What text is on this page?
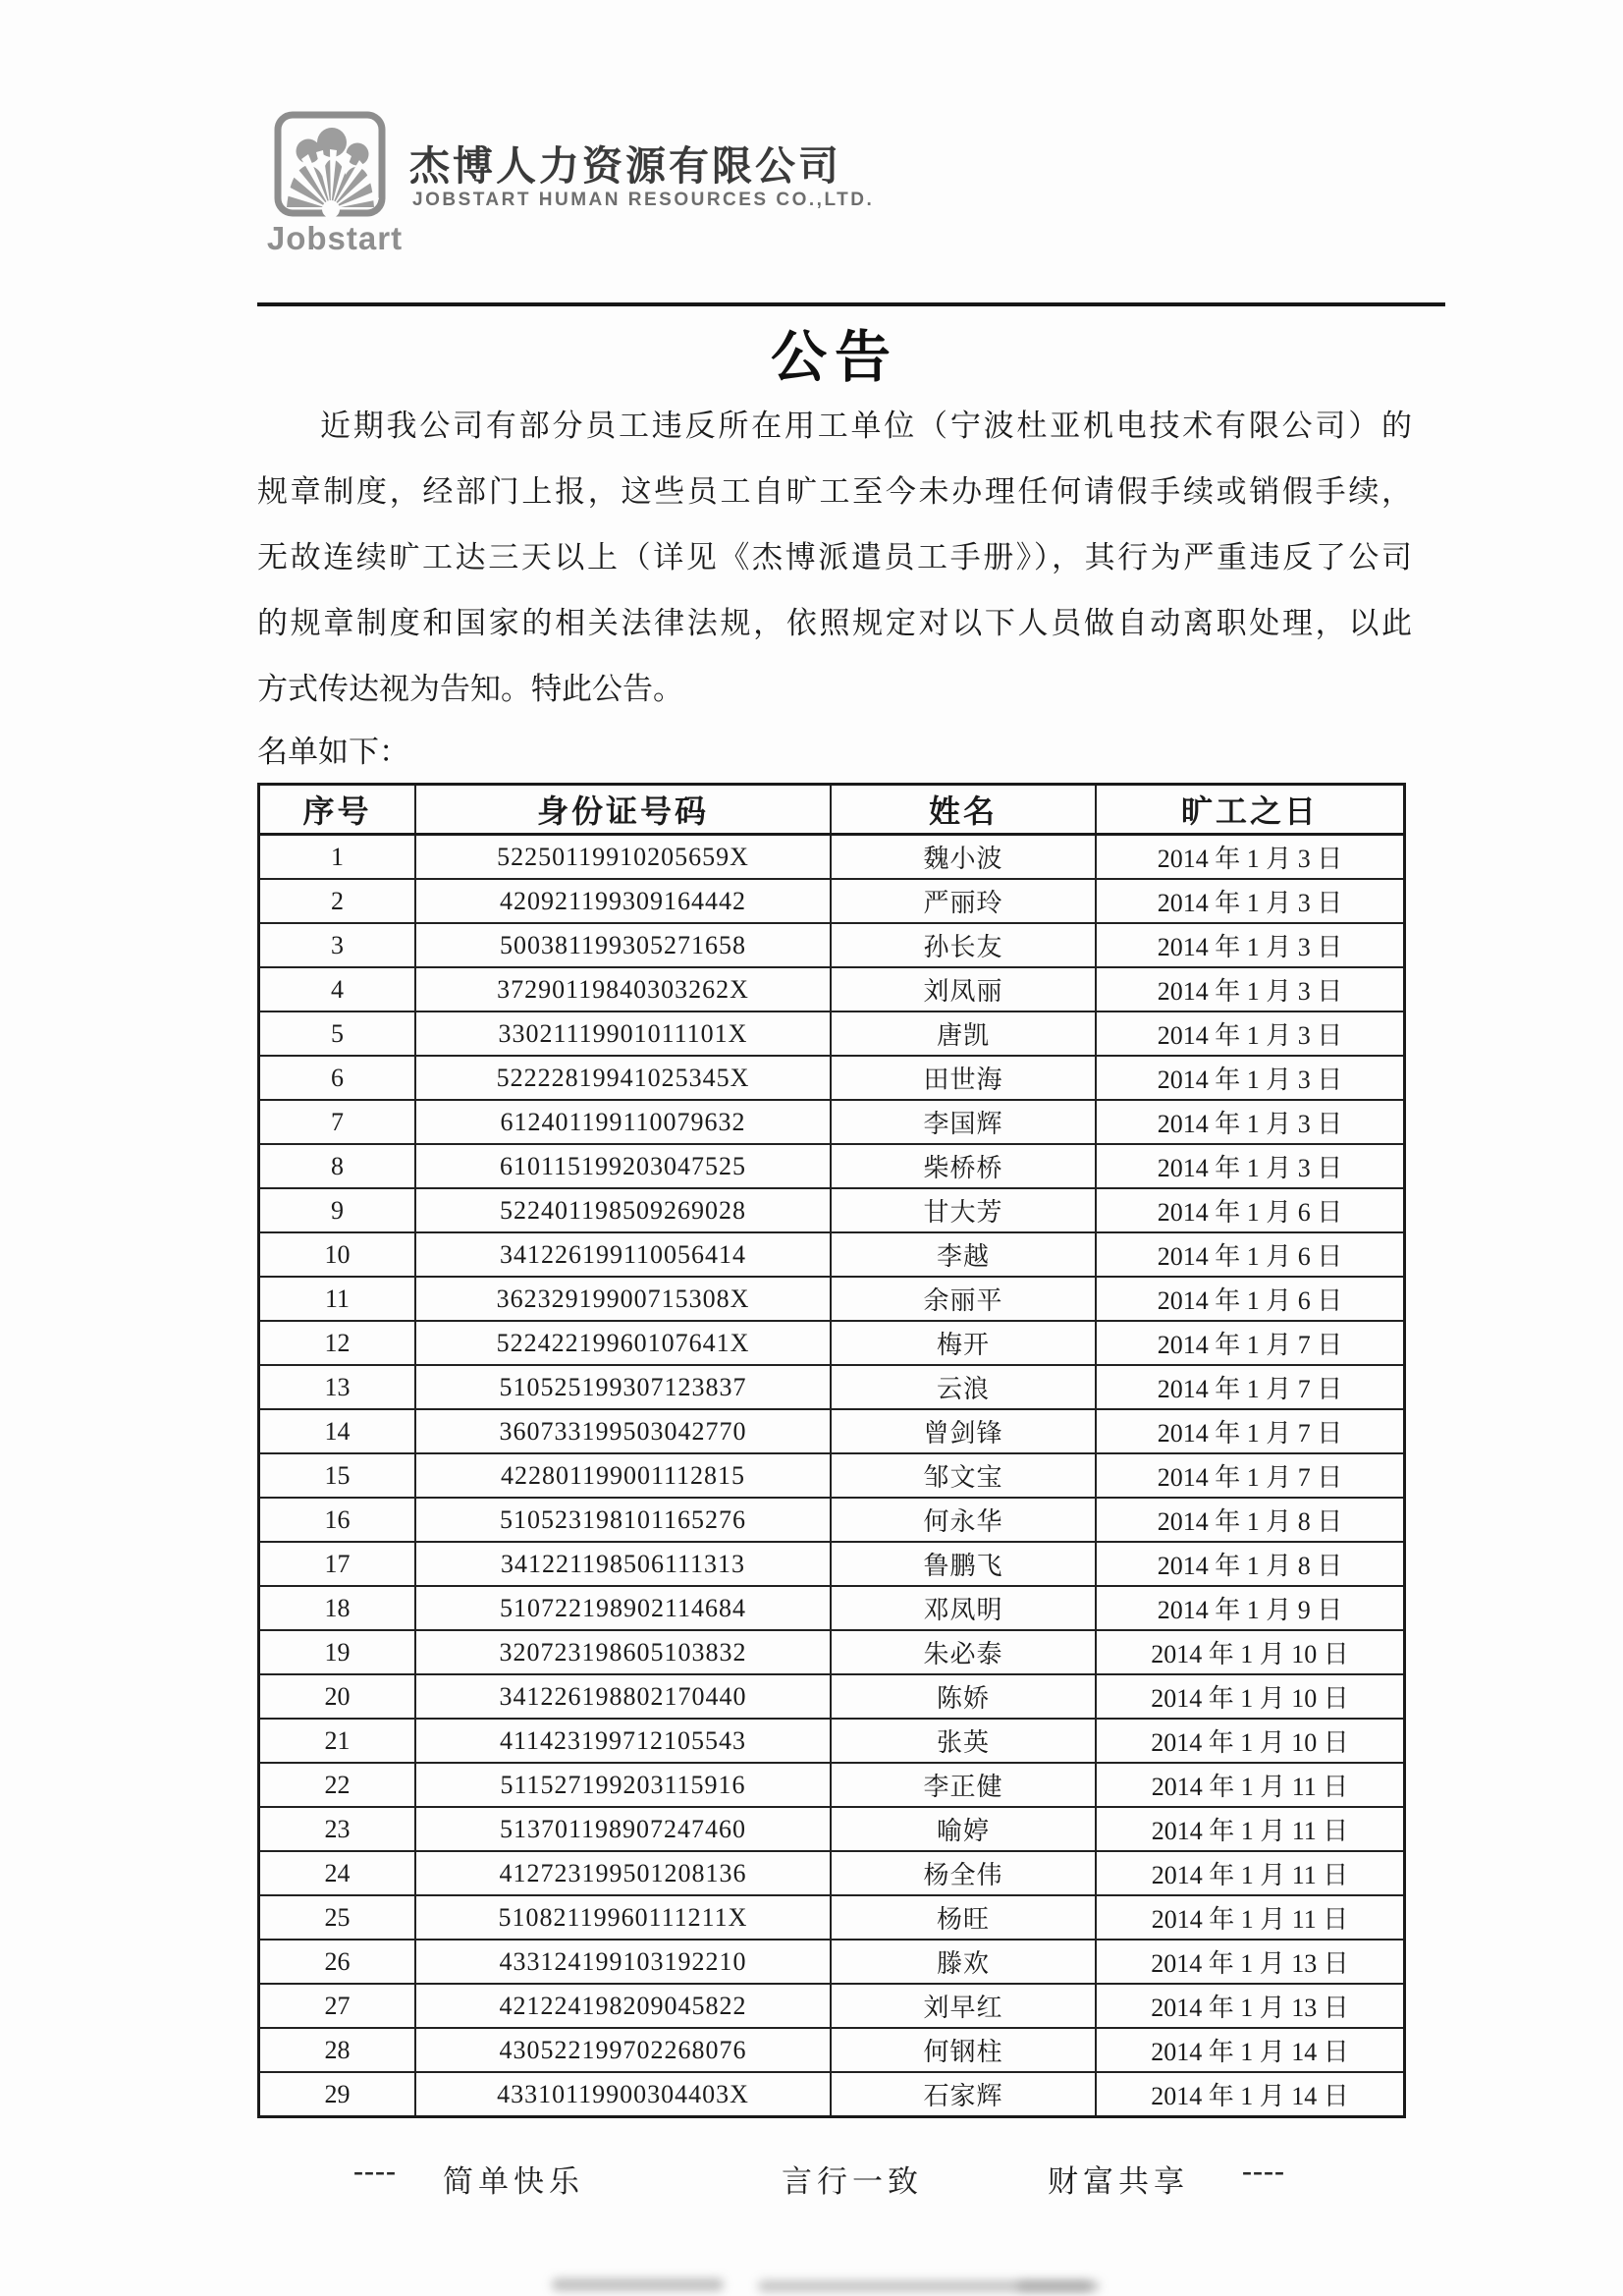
Jobstart
杰博人力资源有限公司
JOBSTART HUMAN RESOURCES CO.,LTD.
公告
近期我公司有部分员工违反所在用工单位（宁波杜亚机电技术有限公司）的
规章制度，经部门上报，这些员工自旷工至今未办理任何请假手续或销假手续，
无故连续旷工达三天以上（详见《杰博派遣员工手册》），其行为严重违反了公司
的规章制度和国家的相关法律法规，依照规定对以下人员做自动离职处理，以此
方式传达视为告知。特此公告。
名单如下：
序号	身份证号码	姓名	旷工之日
1	52250119910205659X	魏小波	2014 年 1 月 3 日
2	420921199309164442	严丽玲	2014 年 1 月 3 日
3	500381199305271658	孙长友	2014 年 1 月 3 日
4	37290119840303262X	刘凤丽	2014 年 1 月 3 日
5	33021119901011101X	唐凯	2014 年 1 月 3 日
6	52222819941025345X	田世海	2014 年 1 月 3 日
7	612401199110079632	李国辉	2014 年 1 月 3 日
8	610115199203047525	柴桥桥	2014 年 1 月 3 日
9	522401198509269028	甘大芳	2014 年 1 月 6 日
10	341226199110056414	李越	2014 年 1 月 6 日
11	36232919900715308X	余丽平	2014 年 1 月 6 日
12	52242219960107641X	梅开	2014 年 1 月 7 日
13	510525199307123837	云浪	2014 年 1 月 7 日
14	360733199503042770	曾剑锋	2014 年 1 月 7 日
15	422801199001112815	邹文宝	2014 年 1 月 7 日
16	510523198101165276	何永华	2014 年 1 月 8 日
17	341221198506111313	鲁鹏飞	2014 年 1 月 8 日
18	510722198902114684	邓凤明	2014 年 1 月 9 日
19	320723198605103832	朱必泰	2014 年 1 月 10 日
20	341226198802170440	陈娇	2014 年 1 月 10 日
21	411423199712105543	张英	2014 年 1 月 10 日
22	511527199203115916	李正健	2014 年 1 月 11 日
23	513701198907247460	喻婷	2014 年 1 月 11 日
24	412723199501208136	杨全伟	2014 年 1 月 11 日
25	51082119960111211X	杨旺	2014 年 1 月 11 日
26	433124199103192210	滕欢	2014 年 1 月 13 日
27	421224198209045822	刘早红	2014 年 1 月 13 日
28	430522199702268076	何钢柱	2014 年 1 月 14 日
29	43310119900304403X	石家辉	2014 年 1 月 14 日
---- 简单快乐	言行一致	财富共享 ----
